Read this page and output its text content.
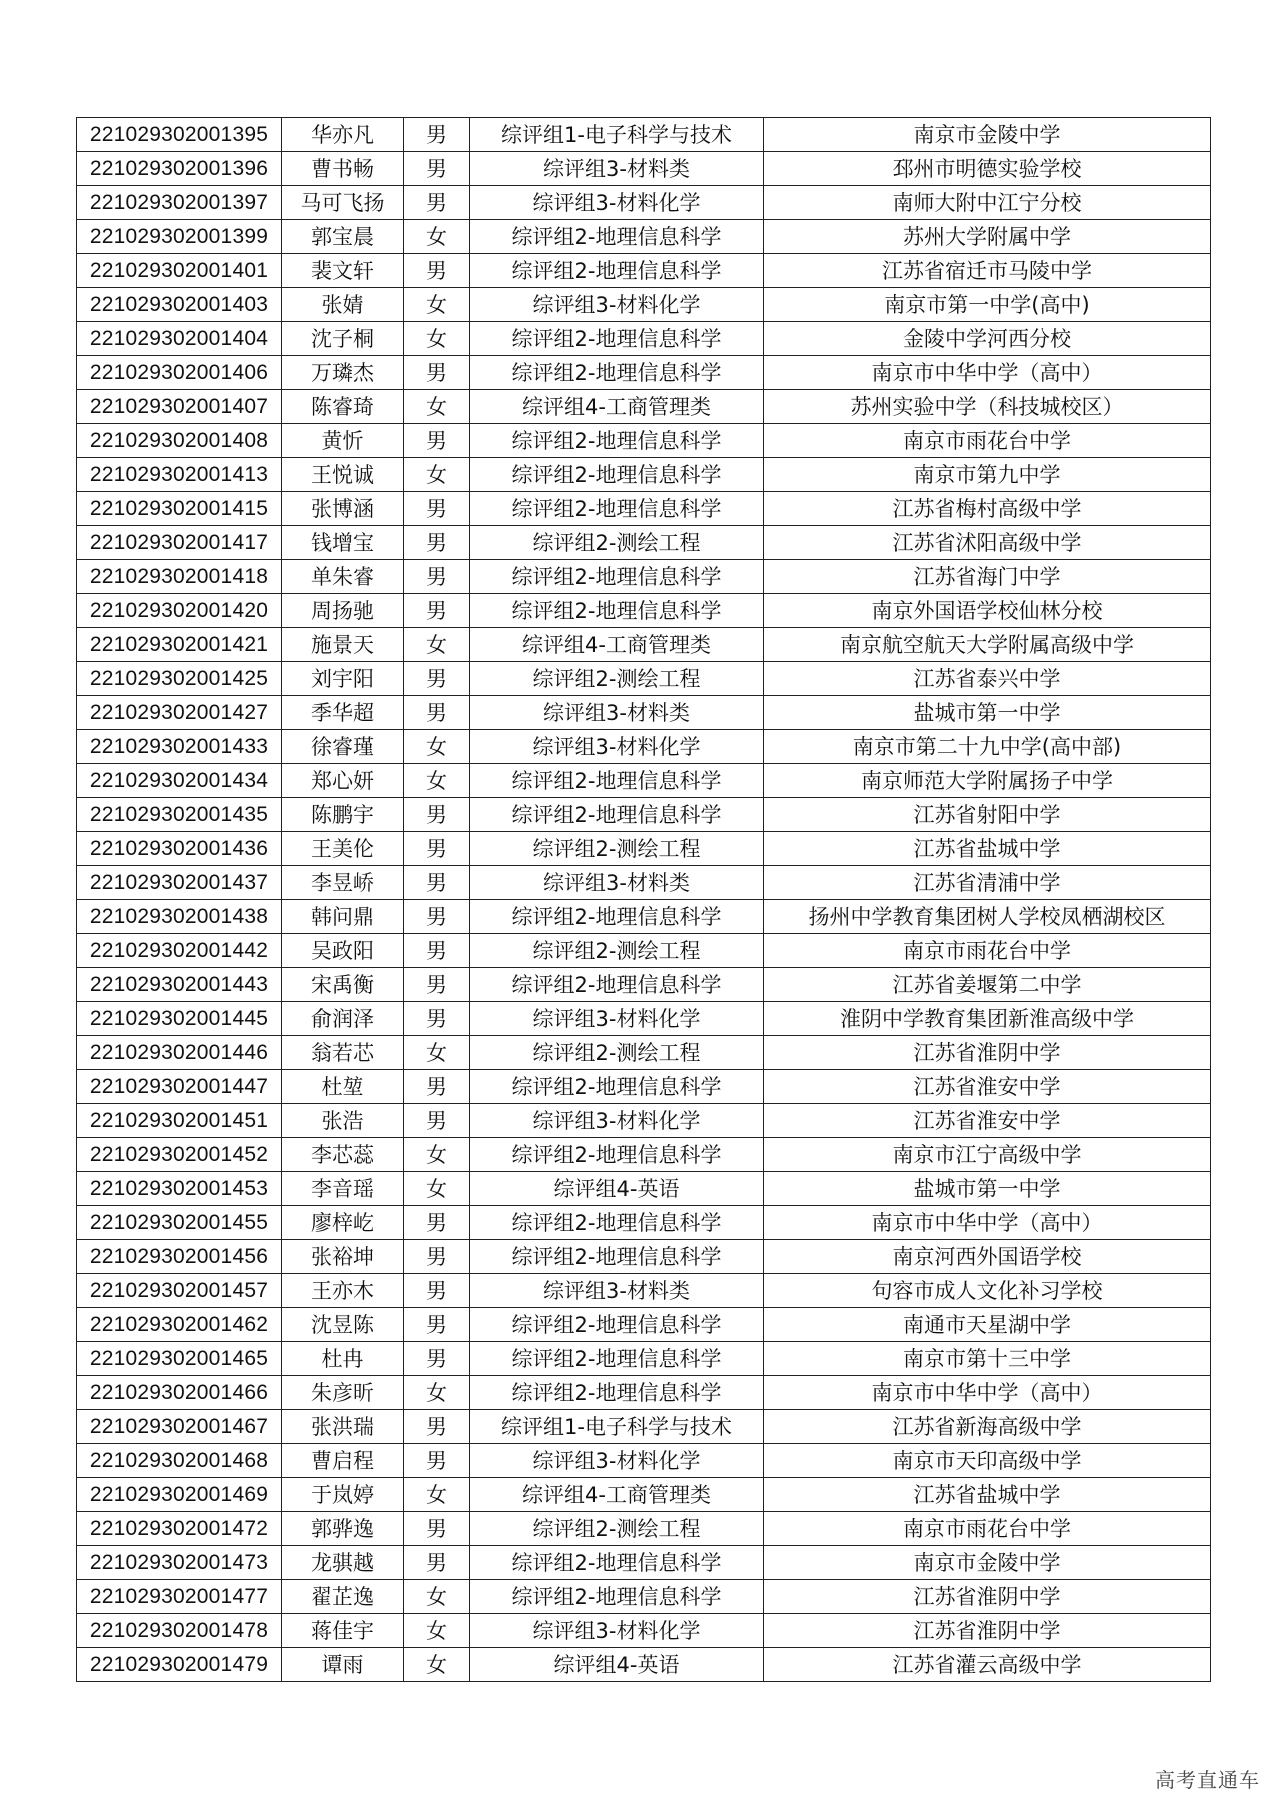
221029302001395	华亦凡	男	综评组1-电子科学与技术	南京市金陵中学
221029302001396	曹书畅	男	综评组3-材料类	邳州市明德实验学校
221029302001397	马可飞扬	男	综评组3-材料化学	南师大附中江宁分校
221029302001399	郭宝晨	女	综评组2-地理信息科学	苏州大学附属中学
221029302001401	裴文轩	男	综评组2-地理信息科学	江苏省宿迁市马陵中学
221029302001403	张婧	女	综评组3-材料化学	南京市第一中学(高中)
221029302001404	沈子桐	女	综评组2-地理信息科学	金陵中学河西分校
221029302001406	万璘杰	男	综评组2-地理信息科学	南京市中华中学（高中）
221029302001407	陈睿琦	女	综评组4-工商管理类	苏州实验中学（科技城校区）
221029302001408	黄忻	男	综评组2-地理信息科学	南京市雨花台中学
221029302001413	王悦诚	女	综评组2-地理信息科学	南京市第九中学
221029302001415	张博涵	男	综评组2-地理信息科学	江苏省梅村高级中学
221029302001417	钱增宝	男	综评组2-测绘工程	江苏省沭阳高级中学
221029302001418	单朱睿	男	综评组2-地理信息科学	江苏省海门中学
221029302001420	周扬驰	男	综评组2-地理信息科学	南京外国语学校仙林分校
221029302001421	施景天	女	综评组4-工商管理类	南京航空航天大学附属高级中学
221029302001425	刘宇阳	男	综评组2-测绘工程	江苏省泰兴中学
221029302001427	季华超	男	综评组3-材料类	盐城市第一中学
221029302001433	徐睿瑾	女	综评组3-材料化学	南京市第二十九中学(高中部)
221029302001434	郑心妍	女	综评组2-地理信息科学	南京师范大学附属扬子中学
221029302001435	陈鹏宇	男	综评组2-地理信息科学	江苏省射阳中学
221029302001436	王美伦	男	综评组2-测绘工程	江苏省盐城中学
221029302001437	李昱峤	男	综评组3-材料类	江苏省清浦中学
221029302001438	韩问鼎	男	综评组2-地理信息科学	扬州中学教育集团树人学校凤栖湖校区
221029302001442	吴政阳	男	综评组2-测绘工程	南京市雨花台中学
221029302001443	宋禹衡	男	综评组2-地理信息科学	江苏省姜堰第二中学
221029302001445	俞润泽	男	综评组3-材料化学	淮阴中学教育集团新淮高级中学
221029302001446	翁若芯	女	综评组2-测绘工程	江苏省淮阴中学
221029302001447	杜堃	男	综评组2-地理信息科学	江苏省淮安中学
221029302001451	张浩	男	综评组3-材料化学	江苏省淮安中学
221029302001452	李芯蕊	女	综评组2-地理信息科学	南京市江宁高级中学
221029302001453	李音瑶	女	综评组4-英语	盐城市第一中学
221029302001455	廖梓屹	男	综评组2-地理信息科学	南京市中华中学（高中）
221029302001456	张裕坤	男	综评组2-地理信息科学	南京河西外国语学校
221029302001457	王亦木	男	综评组3-材料类	句容市成人文化补习学校
221029302001462	沈昱陈	男	综评组2-地理信息科学	南通市天星湖中学
221029302001465	杜冉	男	综评组2-地理信息科学	南京市第十三中学
221029302001466	朱彦昕	女	综评组2-地理信息科学	南京市中华中学（高中）
221029302001467	张洪瑞	男	综评组1-电子科学与技术	江苏省新海高级中学
221029302001468	曹启程	男	综评组3-材料化学	南京市天印高级中学
221029302001469	于岚婷	女	综评组4-工商管理类	江苏省盐城中学
221029302001472	郭骅逸	男	综评组2-测绘工程	南京市雨花台中学
221029302001473	龙骐越	男	综评组2-地理信息科学	南京市金陵中学
221029302001477	翟芷逸	女	综评组2-地理信息科学	江苏省淮阴中学
221029302001478	蒋佳宇	女	综评组3-材料化学	江苏省淮阴中学
221029302001479	谭雨	女	综评组4-英语	江苏省灌云高级中学
高考直通车
